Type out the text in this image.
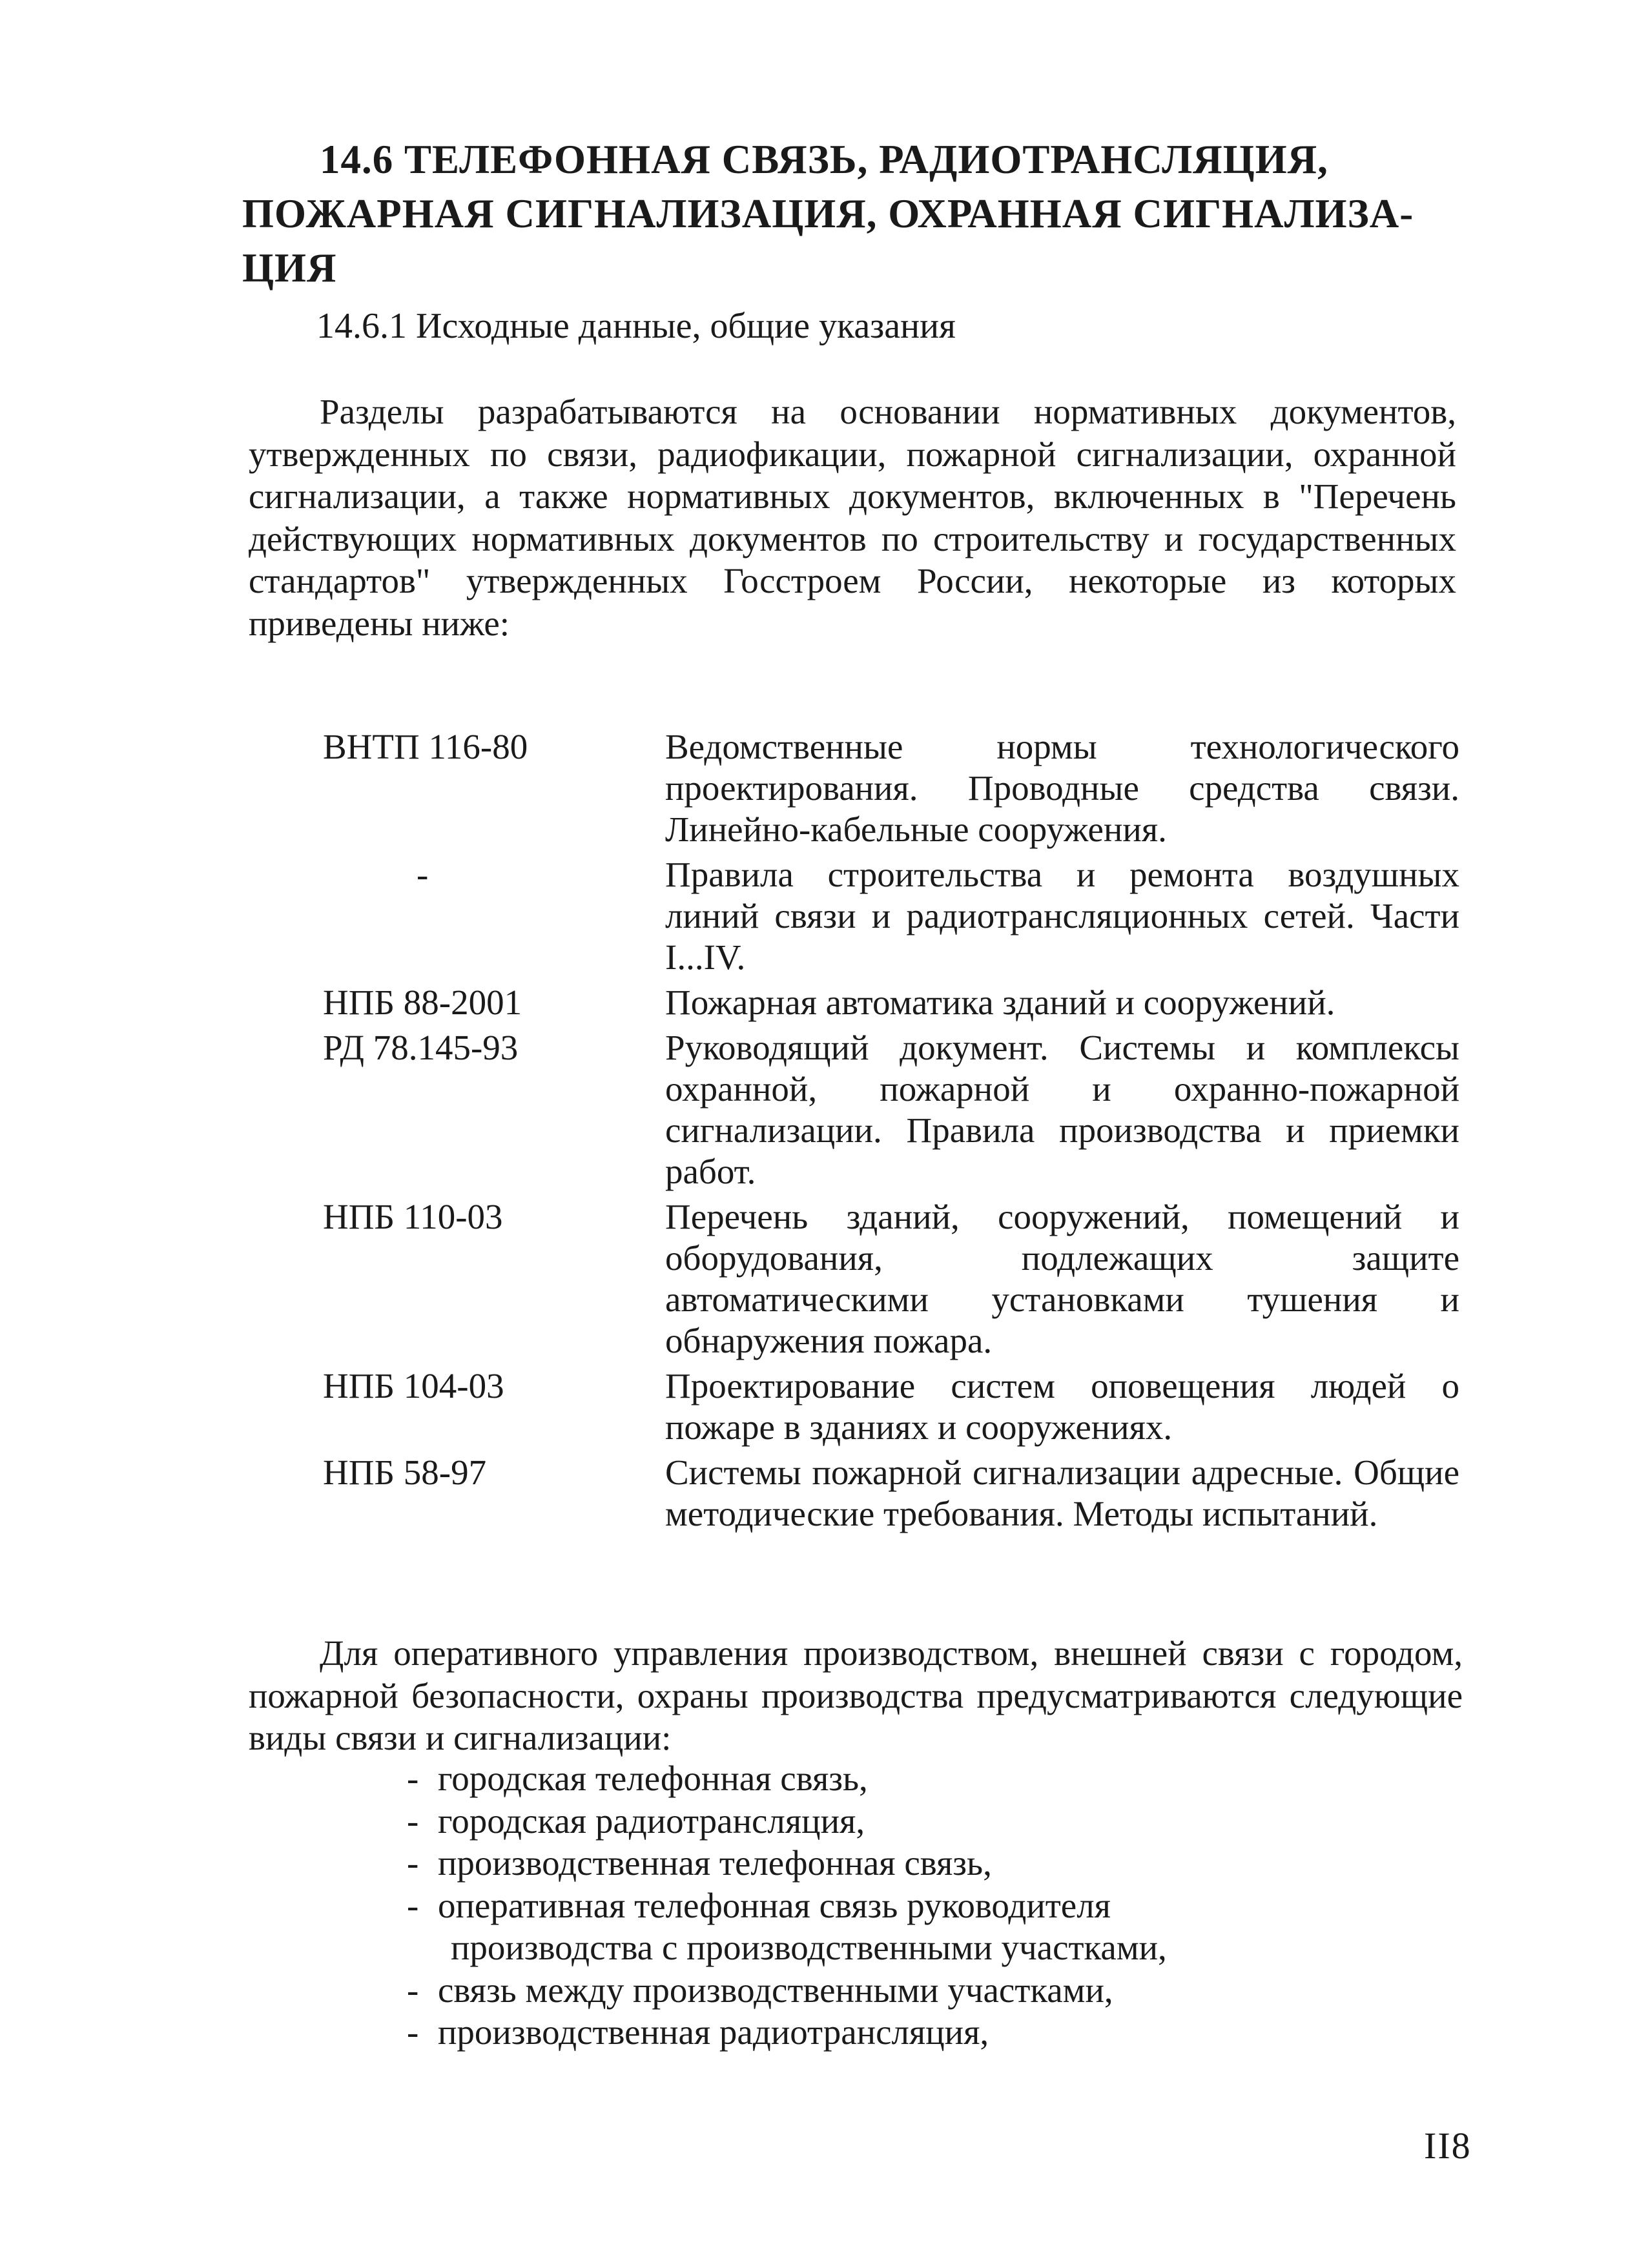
14.6 ТЕЛЕФОННАЯ СВЯЗЬ, РАДИОТРАНСЛЯЦИЯ,
ПОЖАРНАЯ СИГНАЛИЗАЦИЯ, ОХРАННАЯ СИГНАЛИЗА-
ЦИЯ
14.6.1 Исходные данные, общие указания
Разделы разрабатываются на основании нормативных документов, утвержденных по связи, радиофикации, пожарной сигнализации, охранной сигнализации, а также нормативных документов, включенных в "Перечень действующих нормативных документов по строительству и государственных стандартов" утвержденных Госстроем России, некоторые из которых приведены ниже:
ВНТП 116-80	Ведомственные нормы технологического проектирования. Проводные средства связи. Линейно-кабельные сооружения.
-	Правила строительства и ремонта воздушных линий связи и радиотрансляционных сетей. Части I...IV.
НПБ 88-2001	Пожарная автоматика зданий и сооружений.
РД 78.145-93	Руководящий документ. Системы и комплексы охранной, пожарной и охранно-пожарной сигнализации. Правила производства и приемки работ.
НПБ 110-03	Перечень зданий, сооружений, помещений и оборудования, подлежащих защите автоматическими установками тушения и обнаружения пожара.
НПБ 104-03	Проектирование систем оповещения людей о пожаре в зданиях и сооружениях.
НПБ 58-97	Системы пожарной сигнализации адресные. Общие методические требования. Методы испытаний.
Для оперативного управления производством, внешней связи с городом, пожарной безопасности, охраны производства предусматриваются следующие виды связи и сигнализации:
- городская телефонная связь,
- городская радиотрансляция,
- производственная телефонная связь,
- оперативная телефонная связь руководителя
производства с производственными участками,
- связь между производственными участками,
- производственная радиотрансляция,
II8
